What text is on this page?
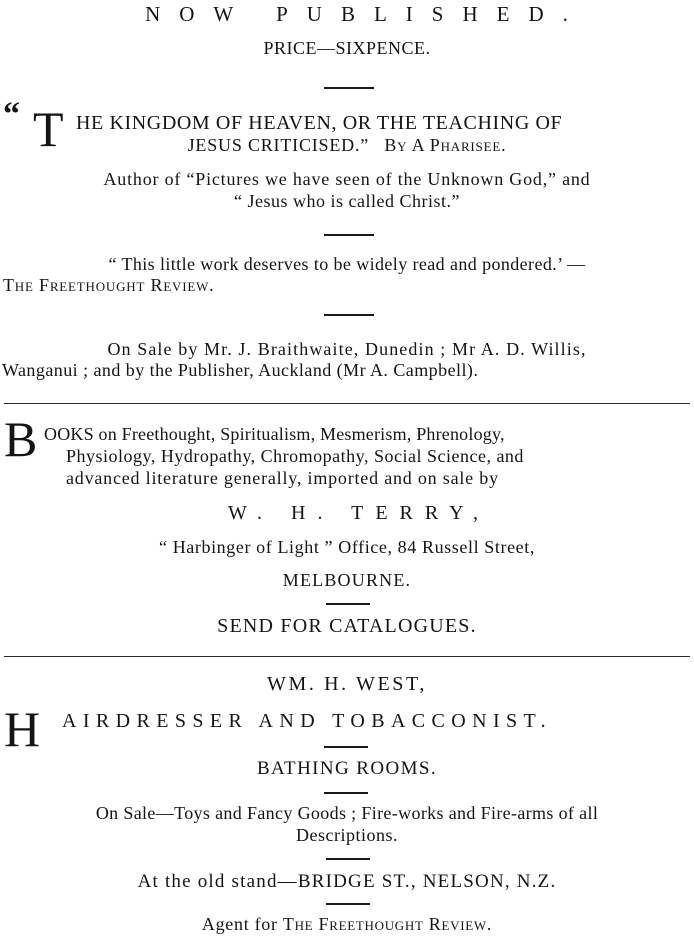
NOW PUBLISHED.
PRICE—SIXPENCE.
“ T HE KINGDOM OF HEAVEN, OR THE TEACHING OF
JESUS CRITICISED.” By A Pharisee.
Author of “Pictures we have seen of the Unknown God,” and
“ Jesus who is called Christ.”
“ This little work deserves to be widely read and pondered.’ —
The Freethought Review.
On Sale by Mr. J. Braithwaite, Dunedin ; Mr A. D. Willis,
Wanganui ; and by the Publisher, Auckland (Mr A. Campbell).
B OOKS on Freethought, Spiritualism, Mesmerism, Phrenology,
Physiology, Hydropathy, Chromopathy, Social Science, and
advanced literature generally, imported and on sale by
W. H. TERRY,
“ Harbinger of Light ” Office, 84 Russell Street,
MELBOURNE.
SEND FOR CATALOGUES.
WM. H. WEST,
H AIRDRESSER AND TOBACCONIST.
BATHING ROOMS.
On Sale—Toys and Fancy Goods ; Fire-works and Fire-arms of all
Descriptions.
At the old stand—BRIDGE ST., NELSON, N.Z.
Agent for The Freethought Review.
